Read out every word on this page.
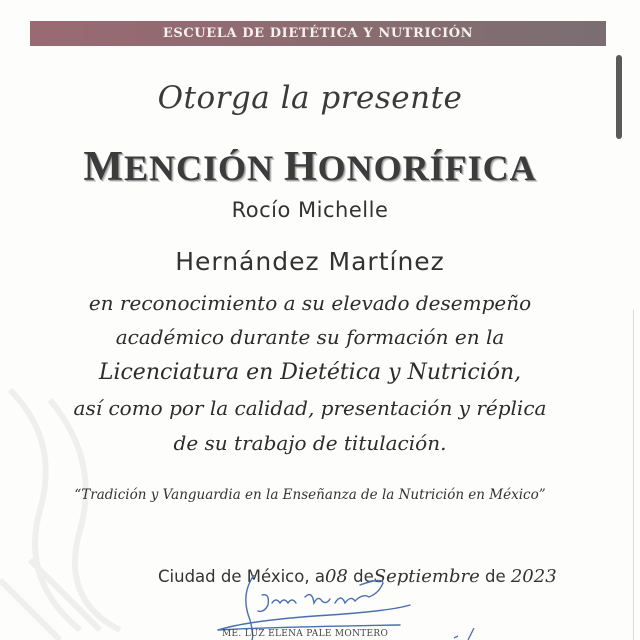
ESCUELA DE DIETÉTICA Y NUTRICIÓN
Otorga la presente
MENCIÓN HONORÍFICA
Rocío Michelle
Hernández Martínez
en reconocimiento a su elevado desempeño
académico durante su formación en la
Licenciatura en Dietética y Nutrición,
así como por la calidad, presentación y réplica
de su trabajo de titulación.
“Tradición y Vanguardia en la Enseñanza de la Nutrición en México”
Ciudad de México, a08 deSeptiembre de 2023
ME. LUZ ELENA PALE MONTERO
